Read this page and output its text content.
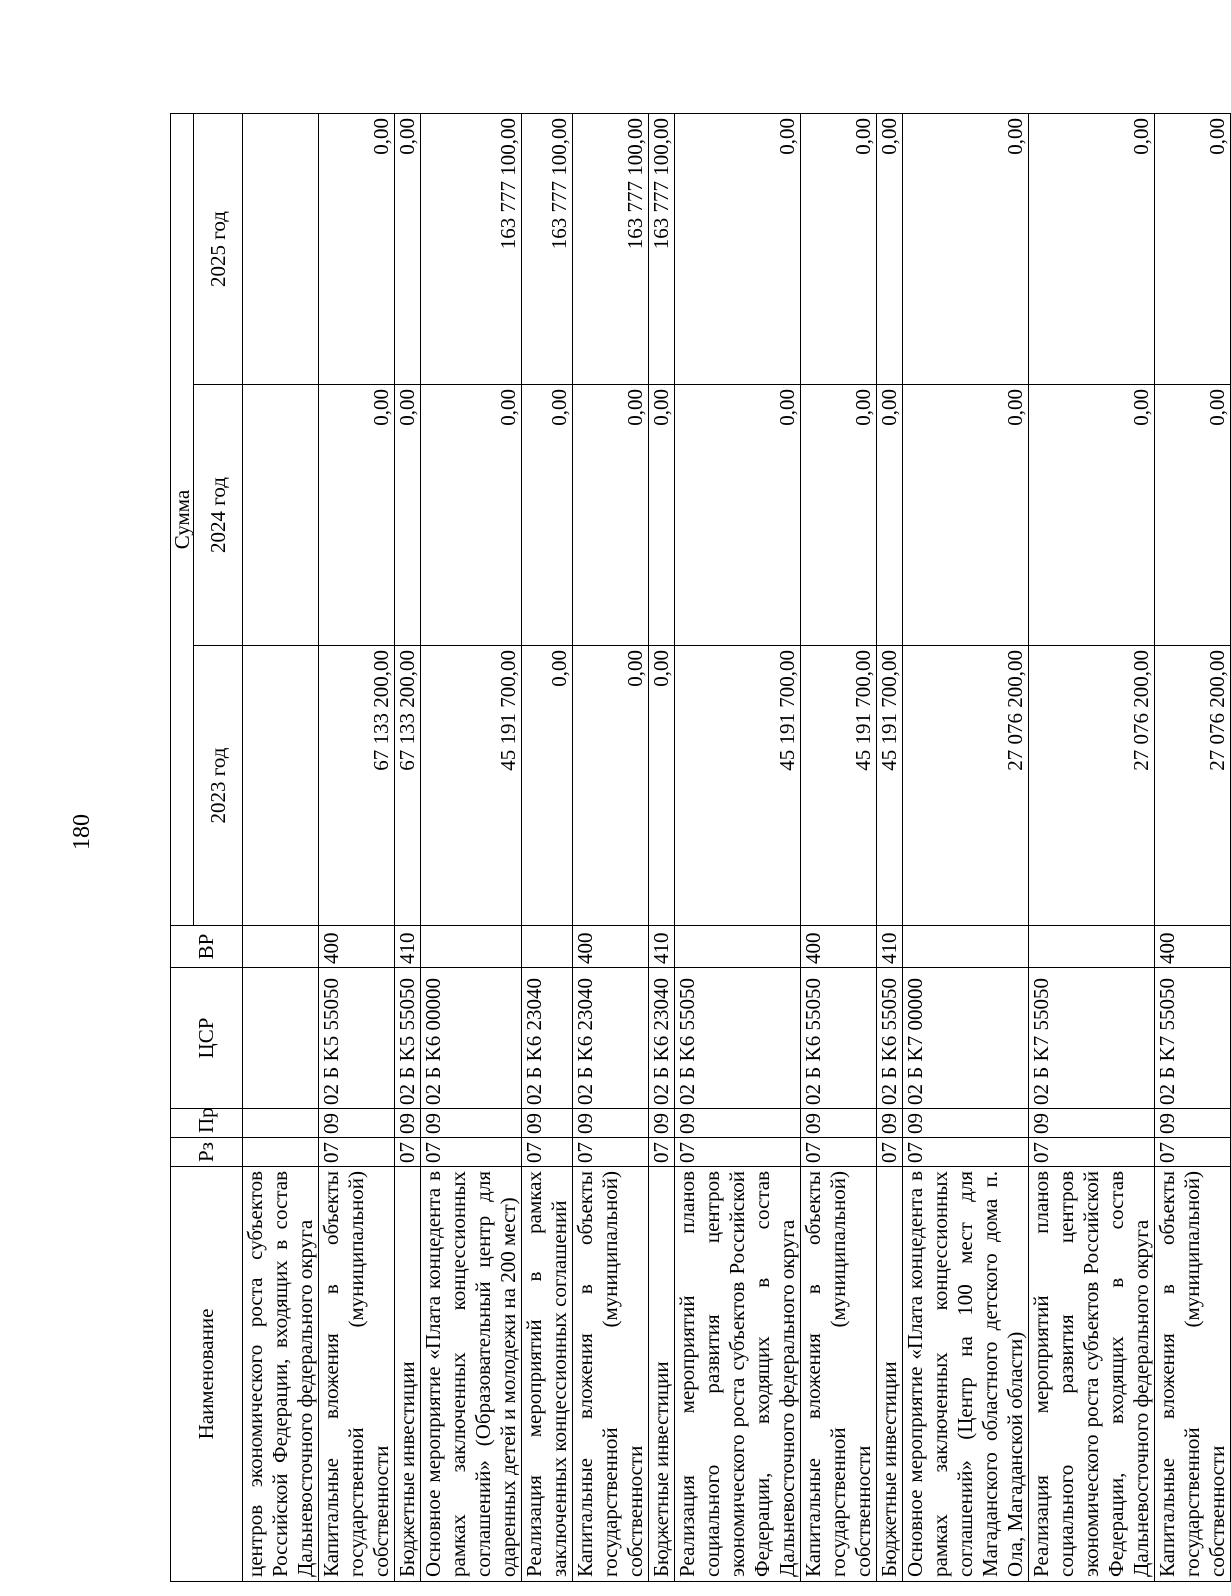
180
Наименование	Рз	Пр	ЦСР	ВР	Сумма		
					2023 год	2024 год	2025 год
центров экономического роста субъектов Российской Федерации, входящих в состав Дальневосточного федерального округа							
Капитальные вложения в объекты государственной (муниципальной) собственности	07	09	02 Б K5 55050	400	67 133 200,00	0,00	0,00
Бюджетные инвестиции	07	09	02 Б K5 55050	410	67 133 200,00	0,00	0,00
Основное мероприятие «Плата концедента в рамках заключенных концессионных соглашений» (Образовательный центр для одаренных детей и молодежи на 200 мест)	07	09	02 Б K6 00000		45 191 700,00	0,00	163 777 100,00
Реализация мероприятий в рамках заключенных концессионных соглашений	07	09	02 Б K6 23040		0,00	0,00	163 777 100,00
Капитальные вложения в объекты государственной (муниципальной) собственности	07	09	02 Б K6 23040	400	0,00	0,00	163 777 100,00
Бюджетные инвестиции	07	09	02 Б K6 23040	410	0,00	0,00	163 777 100,00
Реализация мероприятий планов социального развития центров экономического роста субъектов Российской Федерации, входящих в состав Дальневосточного федерального округа	07	09	02 Б K6 55050		45 191 700,00	0,00	0,00
Капитальные вложения в объекты государственной (муниципальной) собственности	07	09	02 Б K6 55050	400	45 191 700,00	0,00	0,00
Бюджетные инвестиции	07	09	02 Б K6 55050	410	45 191 700,00	0,00	0,00
Основное мероприятие «Плата концедента в рамках заключенных концессионных соглашений» (Центр на 100 мест для Магаданского областного детского дома п. Ола, Магаданской области)	07	09	02 Б K7 00000		27 076 200,00	0,00	0,00
Реализация мероприятий планов социального развития центров экономического роста субъектов Российской Федерации, входящих в состав Дальневосточного федерального округа	07	09	02 Б K7 55050		27 076 200,00	0,00	0,00
Капитальные вложения в объекты государственной (муниципальной) собственности	07	09	02 Б K7 55050	400	27 076 200,00	0,00	0,00
